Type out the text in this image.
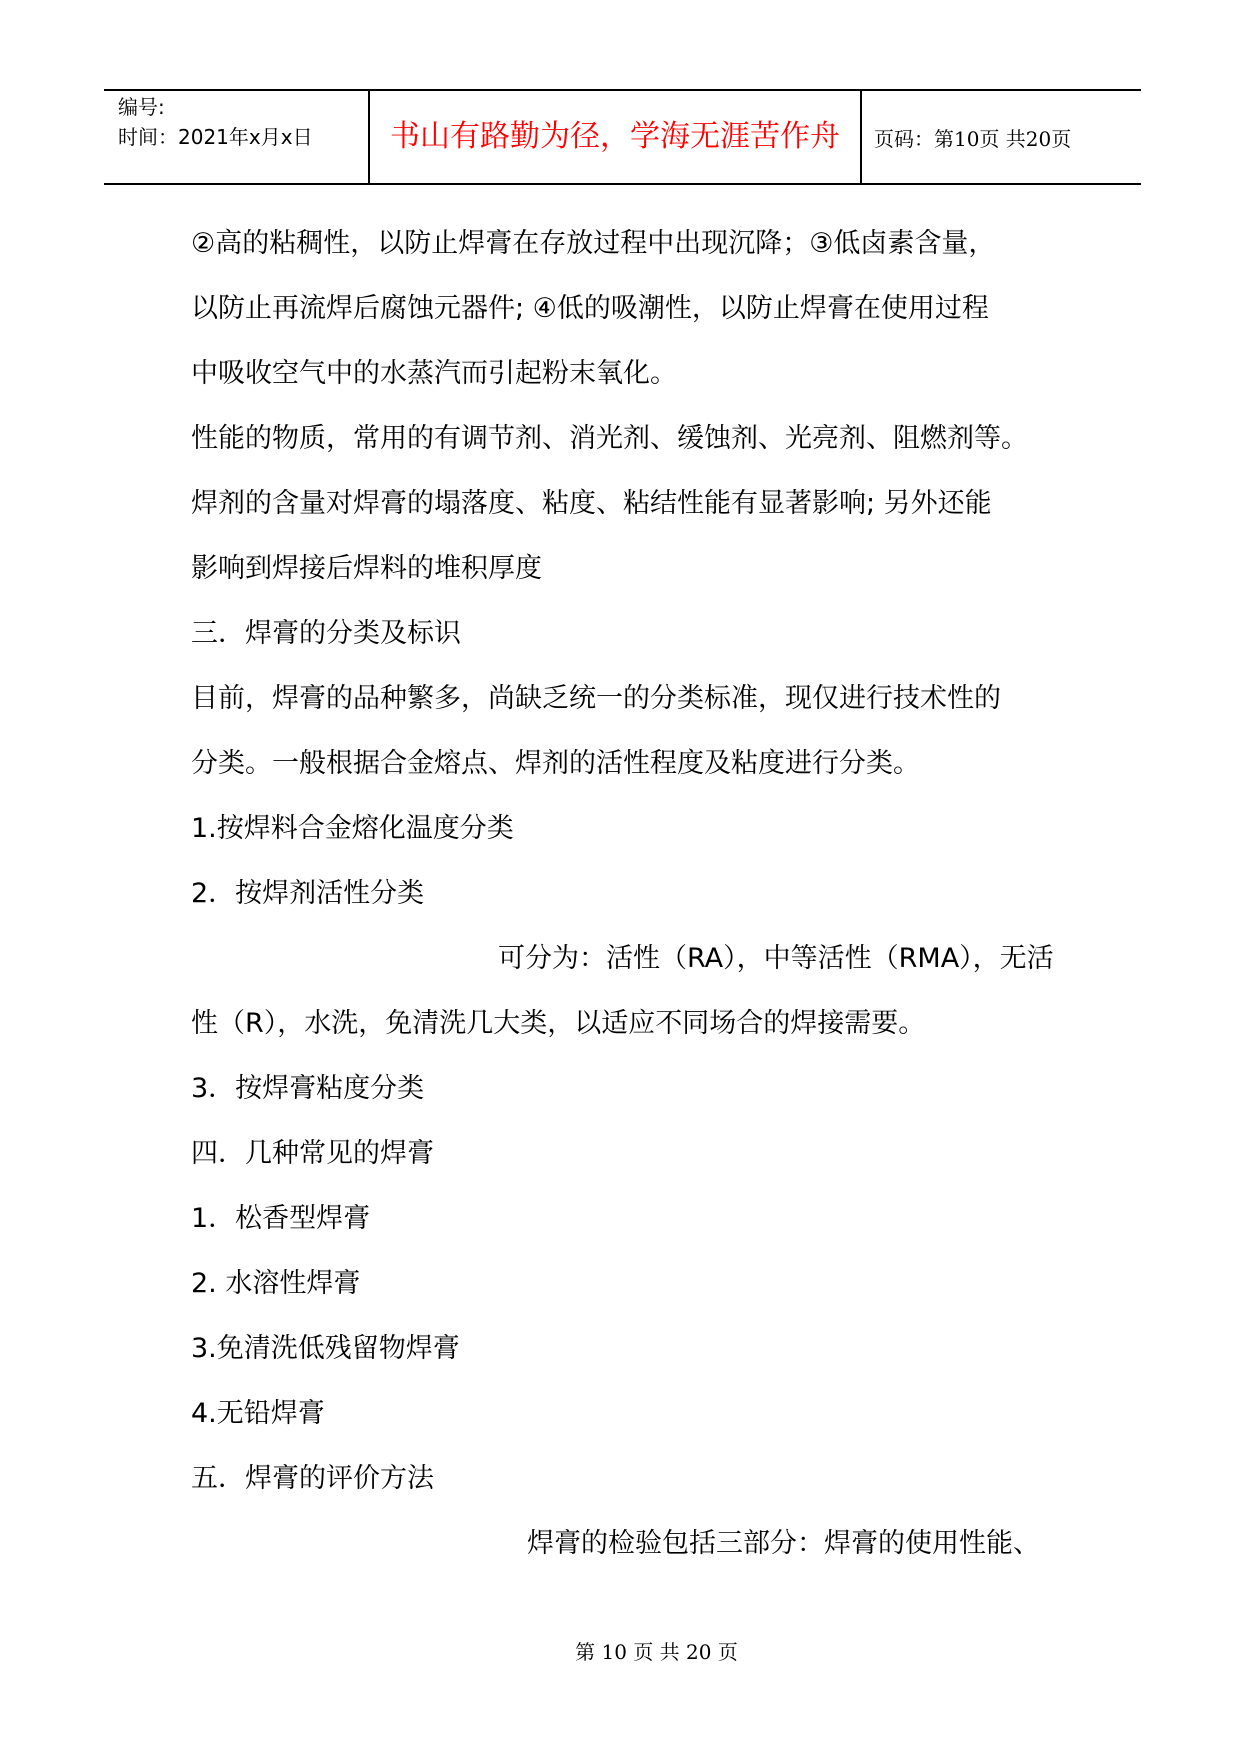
编号:
时间：2021年x月x日	书山有路勤为径，学海无涯苦作舟	页码：第10页 共20页
②高的粘稠性，以防止焊膏在存放过程中出现沉降；③低卤素含量，
以防止再流焊后腐蚀元器件; ④低的吸潮性，以防止焊膏在使用过程
中吸收空气中的水蒸汽而引起粉末氧化。
性能的物质，常用的有调节剂、消光剂、缓蚀剂、光亮剂、阻燃剂等。
焊剂的含量对焊膏的塌落度、粘度、粘结性能有显著影响; 另外还能
影响到焊接后焊料的堆积厚度
三．焊膏的分类及标识
目前，焊膏的品种繁多，尚缺乏统一的分类标准，现仅进行技术性的
分类。一般根据合金熔点、焊剂的活性程度及粘度进行分类。
1.按焊料合金熔化温度分类
2．按焊剂活性分类
可分为：活性（RA），中等活性（RMA），无活
性（R），水洗，免清洗几大类，以适应不同场合的焊接需要。
3．按焊膏粘度分类
四．几种常见的焊膏
1．松香型焊膏
2. 水溶性焊膏
3.免清洗低残留物焊膏
4.无铅焊膏
五．焊膏的评价方法
焊膏的检验包括三部分：焊膏的使用性能、
第 10 页 共 20 页
